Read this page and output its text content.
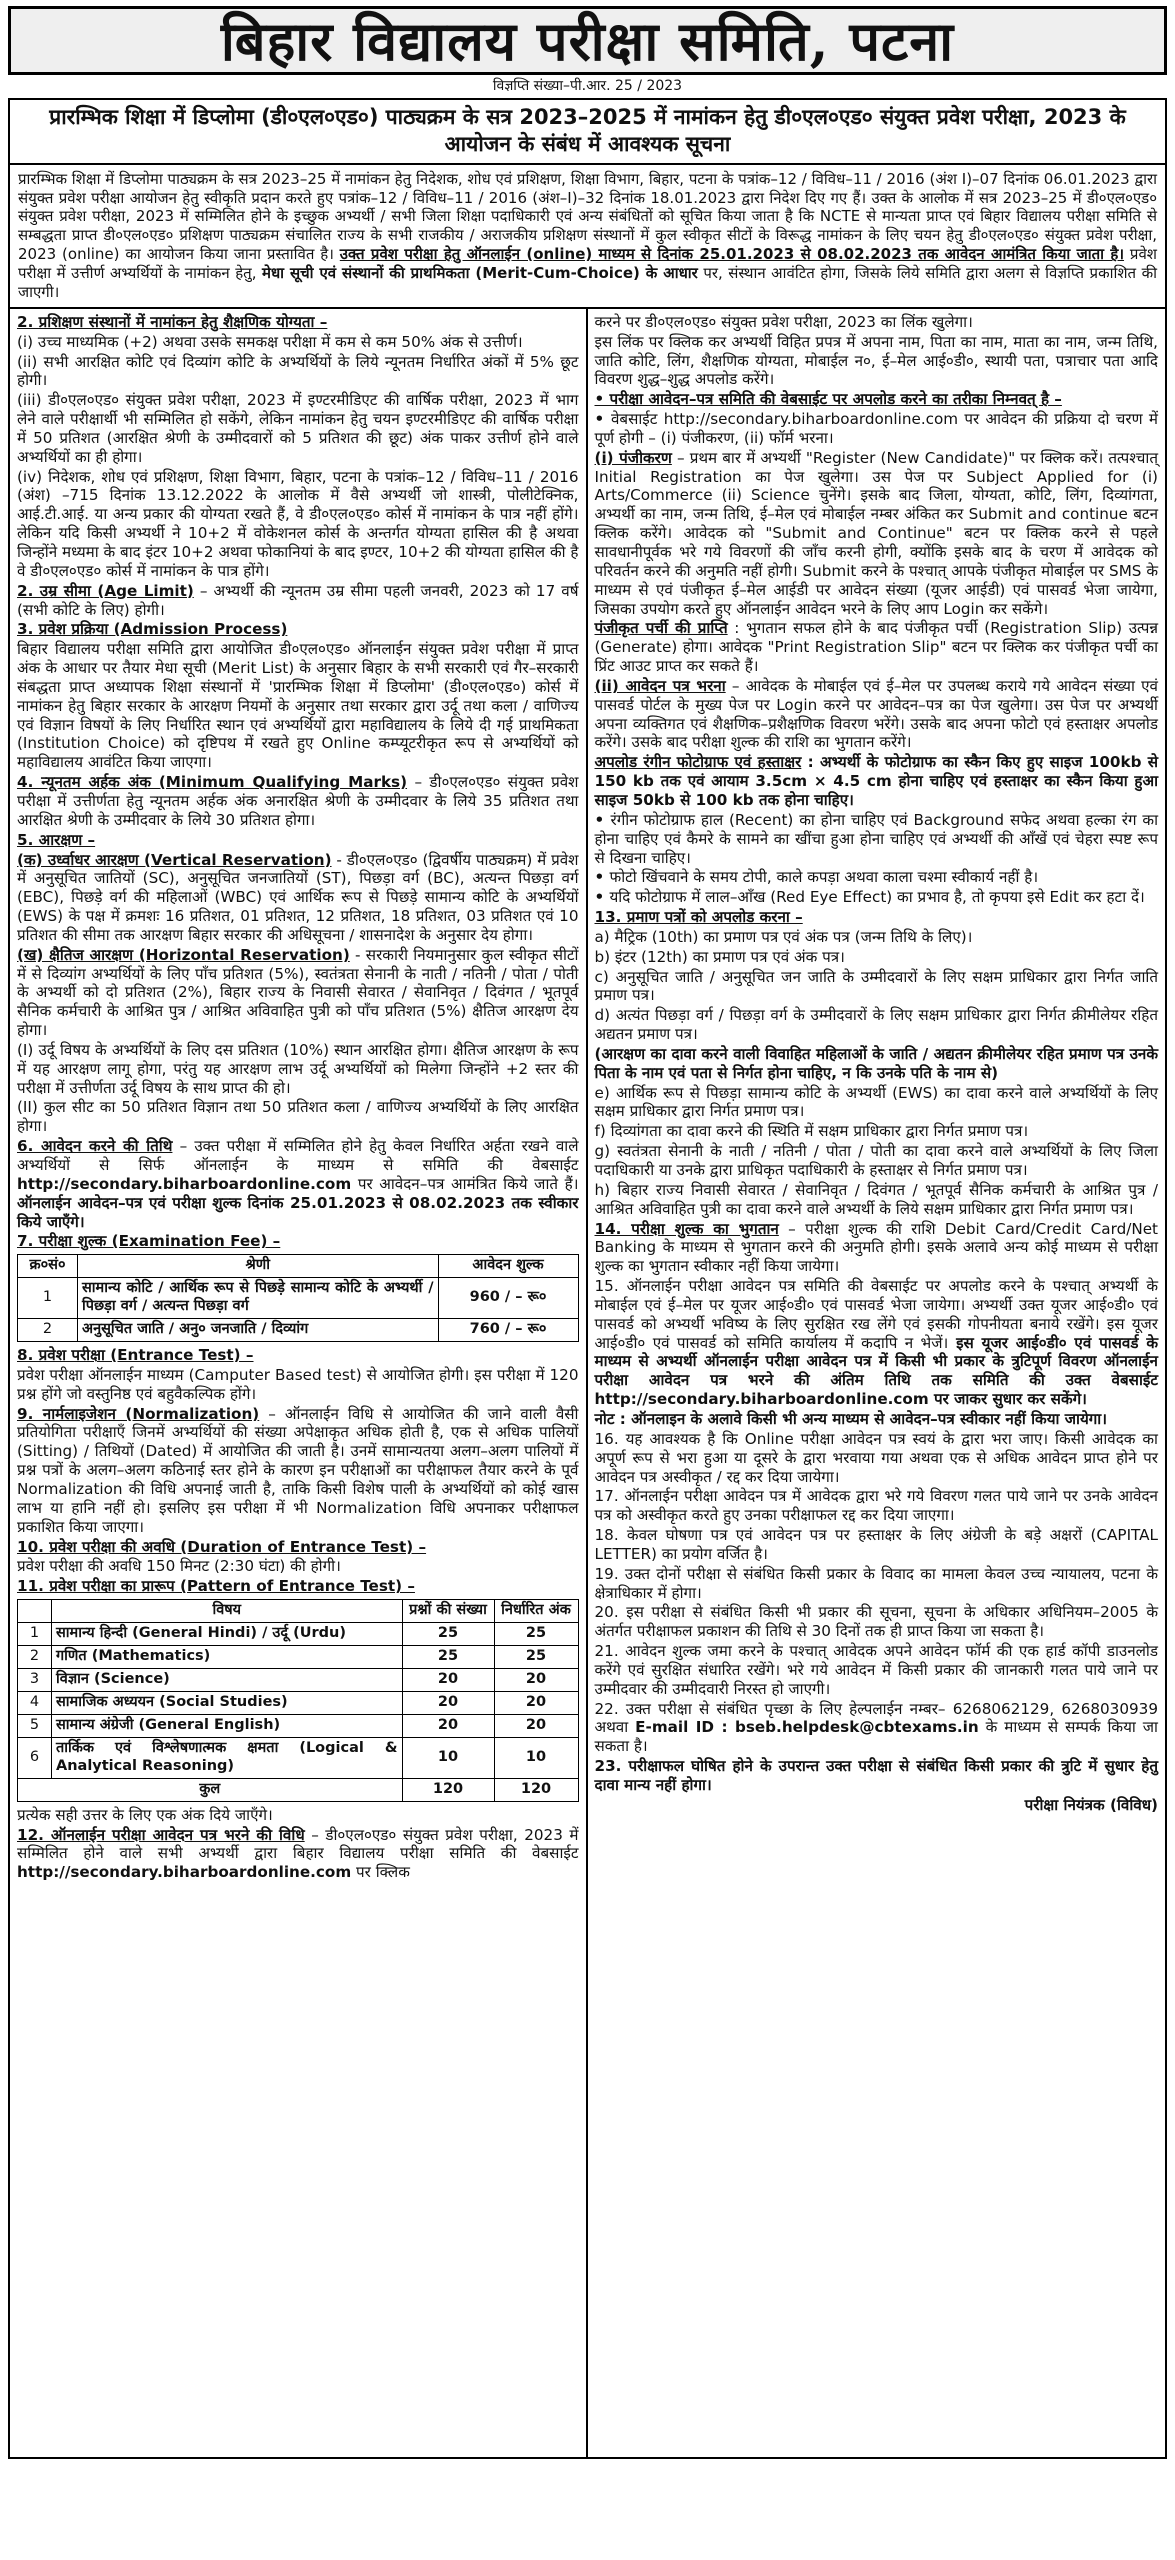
बिहार विद्यालय परीक्षा समिति, पटना
विज्ञप्ति संख्या–पी.आर. 25 / 2023
प्रारम्भिक शिक्षा में डिप्लोमा (डी०एल०एड०) पाठ्यक्रम के सत्र 2023–2025 में नामांकन हेतु डी०एल०एड० संयुक्त प्रवेश परीक्षा, 2023 के आयोजन के संबंध में आवश्यक सूचना
प्रारम्भिक शिक्षा में डिप्लोमा पाठ्यक्रम के सत्र 2023–25 में नामांकन हेतु निदेशक, शोध एवं प्रशिक्षण, शिक्षा विभाग, बिहार, पटना के पत्रांक–12 / विविध–11 / 2016 (अंश I)–07 दिनांक 06.01.2023 द्वारा संयुक्त प्रवेश परीक्षा आयोजन हेतु स्वीकृति प्रदान करते हुए पत्रांक–12 / विविध–11 / 2016 (अंश–I)–32 दिनांक 18.01.2023 द्वारा निदेश दिए गए हैं। उक्त के आलोक में सत्र 2023–25 में डी०एल०एड० संयुक्त प्रवेश परीक्षा, 2023 में सम्मिलित होने के इच्छुक अभ्यर्थी / सभी जिला शिक्षा पदाधिकारी एवं अन्य संबंधितों को सूचित किया जाता है कि NCTE से मान्यता प्राप्त एवं बिहार विद्यालय परीक्षा समिति से सम्बद्धता प्राप्त डी०एल०एड० प्रशिक्षण पाठ्यक्रम संचालित राज्य के सभी राजकीय / अराजकीय प्रशिक्षण संस्थानों में कुल स्वीकृत सीटों के विरूद्ध नामांकन के लिए चयन हेतु डी०एल०एड० संयुक्त प्रवेश परीक्षा, 2023 (online) का आयोजन किया जाना प्रस्तावित है। उक्त प्रवेश परीक्षा हेतु ऑनलाईन (online) माध्यम से दिनांक 25.01.2023 से 08.02.2023 तक आवेदन आमंत्रित किया जाता है। प्रवेश परीक्षा में उत्तीर्ण अभ्यर्थियों के नामांकन हेतु, मेधा सूची एवं संस्थानों की प्राथमिकता (Merit-Cum-Choice) के आधार पर, संस्थान आवंटित होगा, जिसके लिये समिति द्वारा अलग से विज्ञप्ति प्रकाशित की जाएगी।

2. प्रशिक्षण संस्थानों में नामांकन हेतु शैक्षणिक योग्यता –

(i) उच्च माध्यमिक (+2) अथवा उसके समकक्ष परीक्षा में कम से कम 50% अंक से उत्तीर्ण।

(ii) सभी आरक्षित कोटि एवं दिव्यांग कोटि के अभ्यर्थियों के लिये न्यूनतम निर्धारित अंकों में 5% छूट होगी।

(iii) डी०एल०एड० संयुक्त प्रवेश परीक्षा, 2023 में इण्टरमीडिएट की वार्षिक परीक्षा, 2023 में भाग लेने वाले परीक्षार्थी भी सम्मिलित हो सकेंगे, लेकिन नामांकन हेतु चयन इण्टरमीडिएट की वार्षिक परीक्षा में 50 प्रतिशत (आरक्षित श्रेणी के उम्मीदवारों को 5 प्रतिशत की छूट) अंक पाकर उत्तीर्ण होने वाले अभ्यर्थियों का ही होगा।

(iv) निदेशक, शोध एवं प्रशिक्षण, शिक्षा विभाग, बिहार, पटना के पत्रांक–12 / विविध–11 / 2016 (अंश) –715 दिनांक 13.12.2022 के आलोक में वैसे अभ्यर्थी जो शास्त्री, पोलीटेक्निक, आई.टी.आई. या अन्य प्रकार की योग्यता रखते हैं, वे डी०एल०एड० कोर्स में नामांकन के पात्र नहीं होंगे। लेकिन यदि किसी अभ्यर्थी ने 10+2 में वोकेशनल कोर्स के अन्तर्गत योग्यता हासिल की है अथवा जिन्होंने मध्यमा के बाद इंटर 10+2 अथवा फोकानियां के बाद इण्टर, 10+2 की योग्यता हासिल की है वे डी०एल०एड० कोर्स में नामांकन के पात्र होंगे।

2. उम्र सीमा (Age Limit) – अभ्यर्थी की न्यूनतम उम्र सीमा पहली जनवरी, 2023 को 17 वर्ष (सभी कोटि के लिए) होगी।

3. प्रवेश प्रक्रिया (Admission Process)

बिहार विद्यालय परीक्षा समिति द्वारा आयोजित डी०एल०एड० ऑनलाईन संयुक्त प्रवेश परीक्षा में प्राप्त अंक के आधार पर तैयार मेधा सूची (Merit List) के अनुसार बिहार के सभी सरकारी एवं गैर–सरकारी संबद्धता प्राप्त अध्यापक शिक्षा संस्थानों में 'प्रारम्भिक शिक्षा में डिप्लोमा' (डी०एल०एड०) कोर्स में नामांकन हेतु बिहार सरकार के आरक्षण नियमों के अनुसार तथा सरकार द्वारा उर्दू तथा कला / वाणिज्य एवं विज्ञान विषयों के लिए निर्धारित स्थान एवं अभ्यर्थियों द्वारा महाविद्यालय के लिये दी गई प्राथमिकता (Institution Choice) को दृष्टिपथ में रखते हुए Online कम्प्यूटरीकृत रूप से अभ्यर्थियों को महाविद्यालय आवंटित किया जाएगा।

4. न्यूनतम अर्हक अंक (Minimum Qualifying Marks) – डी०एल०एड० संयुक्त प्रवेश परीक्षा में उत्तीर्णता हेतु न्यूनतम अर्हक अंक अनारक्षित श्रेणी के उम्मीदवार के लिये 35 प्रतिशत तथा आरक्षित श्रेणी के उम्मीदवार के लिये 30 प्रतिशत होगा।

5. आरक्षण –

(क) उर्ध्वाधर आरक्षण (Vertical Reservation) - डी०एल०एड० (द्विवर्षीय पाठ्यक्रम) में प्रवेश में अनुसूचित जातियों (SC), अनुसूचित जनजातियों (ST), पिछड़ा वर्ग (BC), अत्यन्त पिछड़ा वर्ग (EBC), पिछड़े वर्ग की महिलाओं (WBC) एवं आर्थिक रूप से पिछड़े सामान्य कोटि के अभ्यर्थियों (EWS) के पक्ष में क्रमशः 16 प्रतिशत, 01 प्रतिशत, 12 प्रतिशत, 18 प्रतिशत, 03 प्रतिशत एवं 10 प्रतिशत की सीमा तक आरक्षण बिहार सरकार की अधिसूचना / शासनादेश के अनुसार देय होगा।

(ख) क्षैतिज आरक्षण (Horizontal Reservation) - सरकारी नियमानुसार कुल स्वीकृत सीटों में से दिव्यांग अभ्यर्थियों के लिए पाँच प्रतिशत (5%), स्वतंत्रता सेनानी के नाती / नतिनी / पोता / पोती के अभ्यर्थी को दो प्रतिशत (2%), बिहार राज्य के निवासी सेवारत / सेवानिवृत / दिवंगत / भूतपूर्व सैनिक कर्मचारी के आश्रित पुत्र / आश्रित अविवाहित पुत्री को पाँच प्रतिशत (5%) क्षैतिज आरक्षण देय होगा।

(I) उर्दू विषय के अभ्यर्थियों के लिए दस प्रतिशत (10%) स्थान आरक्षित होगा। क्षैतिज आरक्षण के रूप में यह आरक्षण लागू होगा, परंतु यह आरक्षण लाभ उर्दू अभ्यर्थियों को मिलेगा जिन्होंने +2 स्तर की परीक्षा में उत्तीर्णता उर्दू विषय के साथ प्राप्त की हो।

(II) कुल सीट का 50 प्रतिशत विज्ञान तथा 50 प्रतिशत कला / वाणिज्य अभ्यर्थियों के लिए आरक्षित होगा।

6. आवेदन करने की तिथि – उक्त परीक्षा में सम्मिलित होने हेतु केवल निर्धारित अर्हता रखने वाले अभ्यर्थियों से सिर्फ ऑनलाईन के माध्यम से समिति की वेबसाईट http://secondary.biharboardonline.com पर आवेदन–पत्र आमंत्रित किये जाते हैं। ऑनलाईन आवेदन–पत्र एवं परीक्षा शुल्क दिनांक 25.01.2023 से 08.02.2023 तक स्वीकार किये जाएँगे।

7. परीक्षा शुल्क (Examination Fee) –

क्र०सं०	श्रेणी	आवेदन शुल्क
1	सामान्य कोटि / आर्थिक रूप से पिछड़े सामान्य कोटि के अभ्यर्थी / पिछड़ा वर्ग / अत्यन्त पिछड़ा वर्ग	960 / – रू०
2	अनुसूचित जाति / अनु० जनजाति / दिव्यांग	760 / – रू०

8. प्रवेश परीक्षा (Entrance Test) –

प्रवेश परीक्षा ऑनलाईन माध्यम (Camputer Based test) से आयोजित होगी। इस परीक्षा में 120 प्रश्न होंगे जो वस्तुनिष्ठ एवं बहुवैकल्पिक होंगे।

9. नार्मलाइजेशन (Normalization) – ऑनलाईन विधि से आयोजित की जाने वाली वैसी प्रतियोगिता परीक्षाएँ जिनमें अभ्यर्थियों की संख्या अपेक्षाकृत अधिक होती है, एक से अधिक पालियों (Sitting) / तिथियों (Dated) में आयोजित की जाती है। उनमें सामान्यतया अलग–अलग पालियों में प्रश्न पत्रों के अलग–अलग कठिनाई स्तर होने के कारण इन परीक्षाओं का परीक्षाफल तैयार करने के पूर्व Normalization की विधि अपनाई जाती है, ताकि किसी विशेष पाली के अभ्यर्थियों को कोई खास लाभ या हानि नहीं हो। इसलिए इस परीक्षा में भी Normalization विधि अपनाकर परीक्षाफल प्रकाशित किया जाएगा।

10. प्रवेश परीक्षा की अवधि (Duration of Entrance Test) –

प्रवेश परीक्षा की अवधि 150 मिनट (2:30 घंटा) की होगी।

11. प्रवेश परीक्षा का प्रारूप (Pattern of Entrance Test) –

	विषय	प्रश्नों की संख्या	निर्धारित अंक
1	सामान्य हिन्दी (General Hindi) / उर्दू (Urdu)	25	25
2	गणित (Mathematics)	25	25
3	विज्ञान (Science)	20	20
4	सामाजिक अध्ययन (Social Studies)	20	20
5	सामान्य अंग्रेजी (General English)	20	20
6	तार्किक एवं विश्लेषणात्मक क्षमता (Logical & Analytical Reasoning)	10	10
कुल		120	120

प्रत्येक सही उत्तर के लिए एक अंक दिये जाएँगे।

12. ऑनलाईन परीक्षा आवेदन पत्र भरने की विधि – डी०एल०एड० संयुक्त प्रवेश परीक्षा, 2023 में सम्मिलित होने वाले सभी अभ्यर्थी द्वारा बिहार विद्यालय परीक्षा समिति की वेबसाईट http://secondary.biharboardonline.com पर क्लिक

करने पर डी०एल०एड० संयुक्त प्रवेश परीक्षा, 2023 का लिंक खुलेगा।

इस लिंक पर क्लिक कर अभ्यर्थी विहित प्रपत्र में अपना नाम, पिता का नाम, माता का नाम, जन्म तिथि, जाति कोटि, लिंग, शैक्षणिक योग्यता, मोबाईल न०, ई–मेल आई०डी०, स्थायी पता, पत्राचार पता आदि विवरण शुद्ध–शुद्ध अपलोड करेंगे।

• परीक्षा आवेदन–पत्र समिति की वेबसाईट पर अपलोड करने का तरीका निम्नवत् है –

• वेबसाईट http://secondary.biharboardonline.com पर आवेदन की प्रक्रिया दो चरण में पूर्ण होगी – (i) पंजीकरण, (ii) फॉर्म भरना।

(i) पंजीकरण – प्रथम बार में अभ्यर्थी "Register (New Candidate)" पर क्लिक करें। तत्पश्चात् Initial Registration का पेज खुलेगा। उस पेज पर Subject Applied for (i) Arts/Commerce (ii) Science चुनेंगे। इसके बाद जिला, योग्यता, कोटि, लिंग, दिव्यांगता, अभ्यर्थी का नाम, जन्म तिथि, ई–मेल एवं मोबाईल नम्बर अंकित कर Submit and continue बटन क्लिक करेंगे। आवेदक को "Submit and Continue" बटन पर क्लिक करने से पहले सावधानीपूर्वक भरे गये विवरणों की जाँच करनी होगी, क्योंकि इसके बाद के चरण में आवेदक को परिवर्तन करने की अनुमति नहीं होगी। Submit करने के पश्चात् आपके पंजीकृत मोबाईल पर SMS के माध्यम से एवं पंजीकृत ई–मेल आईडी पर आवेदन संख्या (यूजर आईडी) एवं पासवर्ड भेजा जायेगा, जिसका उपयोग करते हुए ऑनलाईन आवेदन भरने के लिए आप Login कर सकेंगे।

पंजीकृत पर्ची की प्राप्ति : भुगतान सफल होने के बाद पंजीकृत पर्ची (Registration Slip) उत्पन्न (Generate) होगा। आवेदक "Print Registration Slip" बटन पर क्लिक कर पंजीकृत पर्ची का प्रिंट आउट प्राप्त कर सकते हैं।

(ii) आवेदन पत्र भरना – आवेदक के मोबाईल एवं ई–मेल पर उपलब्ध कराये गये आवेदन संख्या एवं पासवर्ड पोर्टल के मुख्य पेज पर Login करने पर आवेदन–पत्र का पेज खुलेगा। उस पेज पर अभ्यर्थी अपना व्यक्तिगत एवं शैक्षणिक–प्रशैक्षणिक विवरण भरेंगे। उसके बाद अपना फोटो एवं हस्ताक्षर अपलोड करेंगे। उसके बाद परीक्षा शुल्क की राशि का भुगतान करेंगे।

अपलोड रंगीन फोटोग्राफ एवं हस्ताक्षर : अभ्यर्थी के फोटोग्राफ का स्कैन किए हुए साइज 100kb से 150 kb तक एवं आयाम 3.5cm × 4.5 cm होना चाहिए एवं हस्ताक्षर का स्कैन किया हुआ साइज 50kb से 100 kb तक होना चाहिए।

• रंगीन फोटोग्राफ हाल (Recent) का होना चाहिए एवं Background सफेद अथवा हल्का रंग का होना चाहिए एवं कैमरे के सामने का खींचा हुआ होना चाहिए एवं अभ्यर्थी की आँखें एवं चेहरा स्पष्ट रूप से दिखना चाहिए।

• फोटो खिंचवाने के समय टोपी, काले कपड़ा अथवा काला चश्मा स्वीकार्य नहीं है।

• यदि फोटोग्राफ में लाल–आँख (Red Eye Effect) का प्रभाव है, तो कृपया इसे Edit कर हटा दें।

13. प्रमाण पत्रों को अपलोड करना –

a) मैट्रिक (10th) का प्रमाण पत्र एवं अंक पत्र (जन्म तिथि के लिए)।

b) इंटर (12th) का प्रमाण पत्र एवं अंक पत्र।

c) अनुसूचित जाति / अनुसूचित जन जाति के उम्मीदवारों के लिए सक्षम प्राधिकार द्वारा निर्गत जाति प्रमाण पत्र।

d) अत्यंत पिछड़ा वर्ग / पिछड़ा वर्ग के उम्मीदवारों के लिए सक्षम प्राधिकार द्वारा निर्गत क्रीमीलेयर रहित अद्यतन प्रमाण पत्र।

(आरक्षण का दावा करने वाली विवाहित महिलाओं के जाति / अद्यतन क्रीमीलेयर रहित प्रमाण पत्र उनके पिता के नाम एवं पता से निर्गत होना चाहिए, न कि उनके पति के नाम से)

e) आर्थिक रूप से पिछड़ा सामान्य कोटि के अभ्यर्थी (EWS) का दावा करने वाले अभ्यर्थियों के लिए सक्षम प्राधिकार द्वारा निर्गत प्रमाण पत्र।

f) दिव्यांगता का दावा करने की स्थिति में सक्षम प्राधिकार द्वारा निर्गत प्रमाण पत्र।

g) स्वतंत्रता सेनानी के नाती / नतिनी / पोता / पोती का दावा करने वाले अभ्यर्थियों के लिए जिला पदाधिकारी या उनके द्वारा प्राधिकृत पदाधिकारी के हस्ताक्षर से निर्गत प्रमाण पत्र।

h) बिहार राज्य निवासी सेवारत / सेवानिवृत / दिवंगत / भूतपूर्व सैनिक कर्मचारी के आश्रित पुत्र / आश्रित अविवाहित पुत्री का दावा करने वाले अभ्यर्थी के लिये सक्षम प्राधिकार द्वारा निर्गत प्रमाण पत्र।

14. परीक्षा शुल्क का भुगतान – परीक्षा शुल्क की राशि Debit Card/Credit Card/Net Banking के माध्यम से भुगतान करने की अनुमति होगी। इसके अलावे अन्य कोई माध्यम से परीक्षा शुल्क का भुगतान स्वीकार नहीं किया जायेगा।

15. ऑनलाईन परीक्षा आवेदन पत्र समिति की वेबसाईट पर अपलोड करने के पश्चात् अभ्यर्थी के मोबाईल एवं ई–मेल पर यूजर आई०डी० एवं पासवर्ड भेजा जायेगा। अभ्यर्थी उक्त यूजर आई०डी० एवं पासवर्ड को अभ्यर्थी भविष्य के लिए सुरक्षित रख लेंगे एवं इसकी गोपनीयता बनाये रखेंगे। इस यूजर आई०डी० एवं पासवर्ड को समिति कार्यालय में कदापि न भेजें। इस यूजर आई०डी० एवं पासवर्ड के माध्यम से अभ्यर्थी ऑनलाईन परीक्षा आवेदन पत्र में किसी भी प्रकार के त्रुटिपूर्ण विवरण ऑनलाईन परीक्षा आवेदन पत्र भरने की अंतिम तिथि तक समिति की उक्त वेबसाईट http://secondary.biharboardonline.com पर जाकर सुधार कर सकेंगे।

नोट : ऑनलाइन के अलावे किसी भी अन्य माध्यम से आवेदन–पत्र स्वीकार नहीं किया जायेगा।

16. यह आवश्यक है कि Online परीक्षा आवेदन पत्र स्वयं के द्वारा भरा जाए। किसी आवेदक का अपूर्ण रूप से भरा हुआ या दूसरे के द्वारा भरवाया गया अथवा एक से अधिक आवेदन प्राप्त होने पर आवेदन पत्र अस्वीकृत / रद्द कर दिया जायेगा।

17. ऑनलाईन परीक्षा आवेदन पत्र में आवेदक द्वारा भरे गये विवरण गलत पाये जाने पर उनके आवेदन पत्र को अस्वीकृत करते हुए उनका परीक्षाफल रद्द कर दिया जाएगा।

18. केवल घोषणा पत्र एवं आवेदन पत्र पर हस्ताक्षर के लिए अंग्रेजी के बड़े अक्षरों (CAPITAL LETTER) का प्रयोग वर्जित है।

19. उक्त दोनों परीक्षा से संबंधित किसी प्रकार के विवाद का मामला केवल उच्च न्यायालय, पटना के क्षेत्राधिकार में होगा।

20. इस परीक्षा से संबंधित किसी भी प्रकार की सूचना, सूचना के अधिकार अधिनियम–2005 के अंतर्गत परीक्षाफल प्रकाशन की तिथि से 30 दिनों तक ही प्राप्त किया जा सकता है।

21. आवेदन शुल्क जमा करने के पश्चात् आवेदक अपने आवेदन फॉर्म की एक हार्ड कॉपी डाउनलोड करेंगे एवं सुरक्षित संधारित रखेंगे। भरे गये आवेदन में किसी प्रकार की जानकारी गलत पाये जाने पर उम्मीदवार की उम्मीदवारी निरस्त हो जाएगी।

22. उक्त परीक्षा से संबंधित पृच्छा के लिए हेल्पलाईन नम्बर– 6268062129, 6268030939 अथवा E-mail ID : bseb.helpdesk@cbtexams.in के माध्यम से सम्पर्क किया जा सकता है।

23. परीक्षाफल घोषित होने के उपरान्त उक्त परीक्षा से संबंधित किसी प्रकार की त्रुटि में सुधार हेतु दावा मान्य नहीं होगा।

परीक्षा नियंत्रक (विविध)
